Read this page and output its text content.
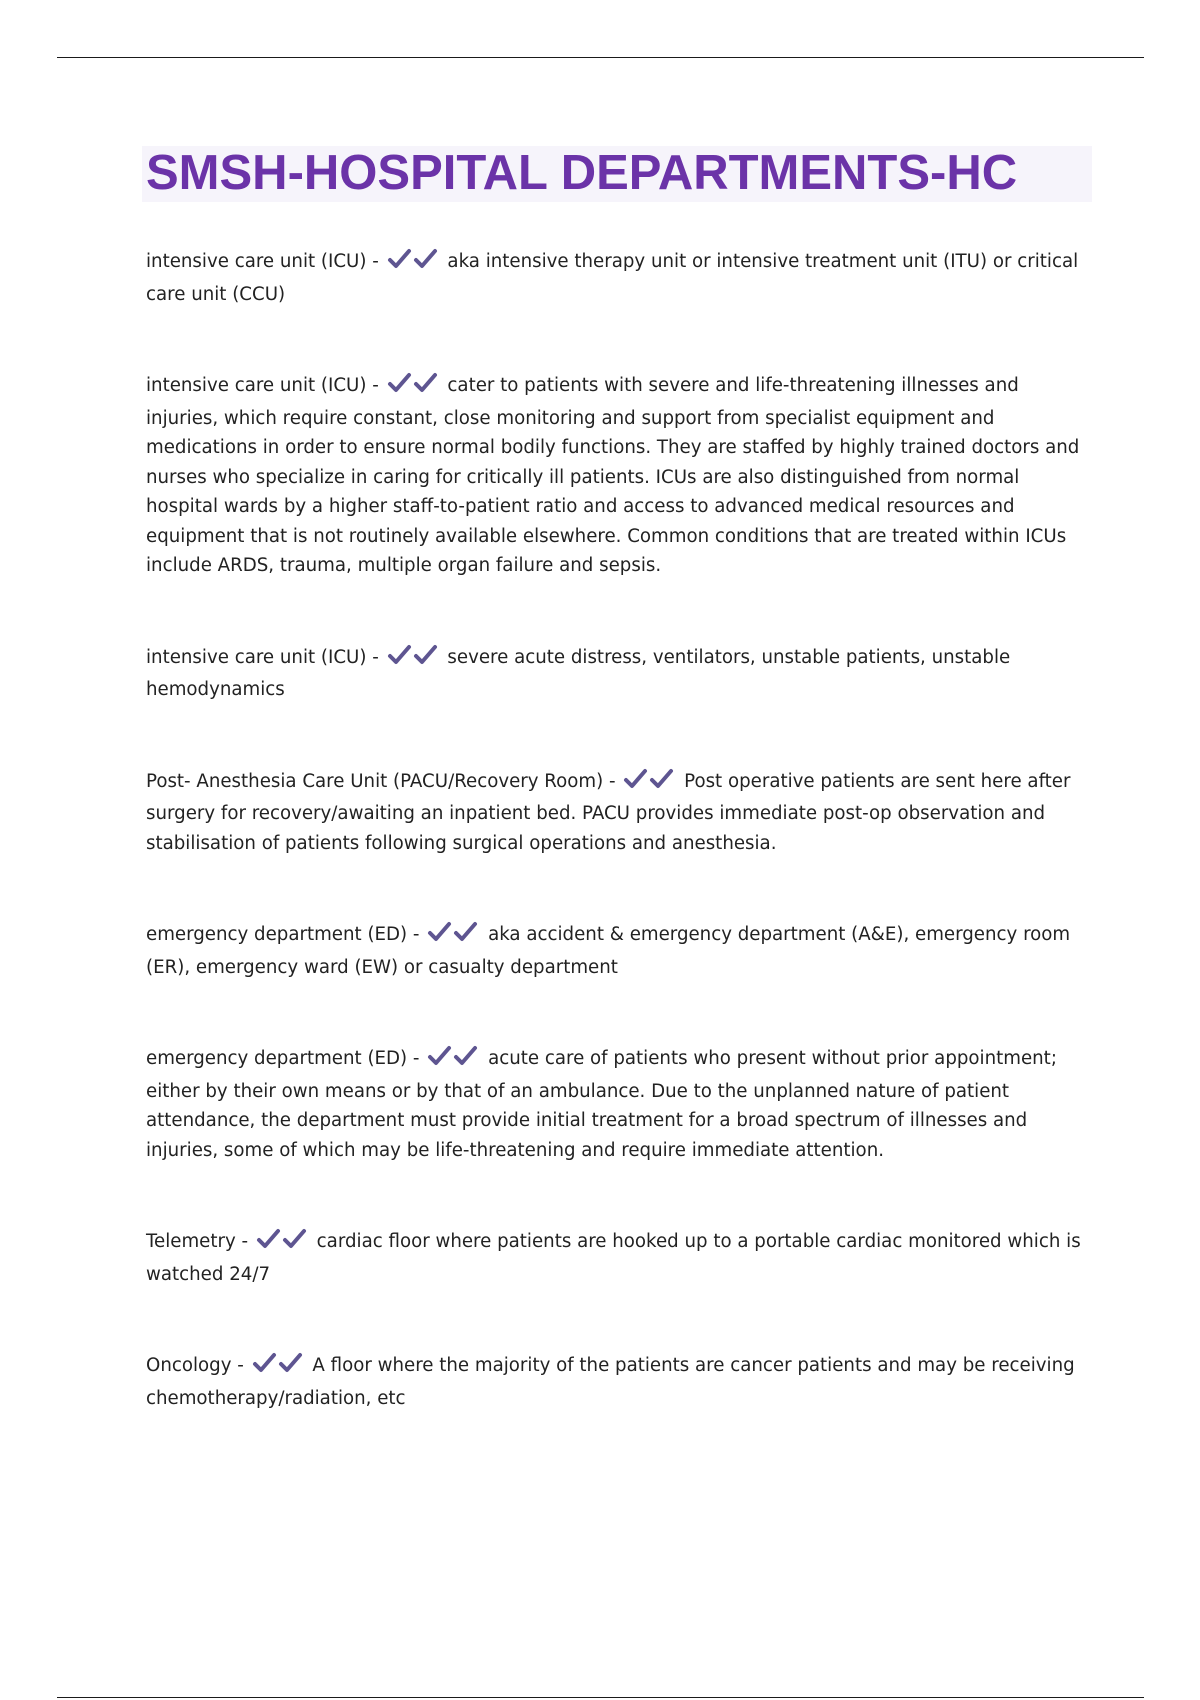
SMSH-HOSPITAL DEPARTMENTS-HC

intensive care unit (ICU) -	aka intensive therapy unit or intensive treatment unit (ITU) or critical care unit (CCU)

intensive care unit (ICU) -	cater to patients with severe and life-threatening illnesses and injuries, which require constant, close monitoring and support from specialist equipment and medications in order to ensure normal bodily functions. They are staffed by highly trained doctors and nurses who specialize in caring for critically ill patients. ICUs are also distinguished from normal hospital wards by a higher staff-to-patient ratio and access to advanced medical resources and equipment that is not routinely available elsewhere. Common conditions that are treated within ICUs include ARDS, trauma, multiple organ failure and sepsis.

intensive care unit (ICU) -	severe acute distress, ventilators, unstable patients, unstable hemodynamics

Post- Anesthesia Care Unit (PACU/Recovery Room) -	Post operative patients are sent here after surgery for recovery/awaiting an inpatient bed. PACU provides immediate post-op observation and stabilisation of patients following surgical operations and anesthesia.

emergency department (ED) -	aka accident & emergency department (A&E), emergency room (ER), emergency ward (EW) or casualty department

emergency department (ED) -	acute care of patients who present without prior appointment; either by their own means or by that of an ambulance. Due to the unplanned nature of patient attendance, the department must provide initial treatment for a broad spectrum of illnesses and injuries, some of which may be life-threatening and require immediate attention.

Telemetry -	cardiac floor where patients are hooked up to a portable cardiac monitored which is watched 24/7

Oncology -	A floor where the majority of the patients are cancer patients and may be receiving chemotherapy/radiation, etc
